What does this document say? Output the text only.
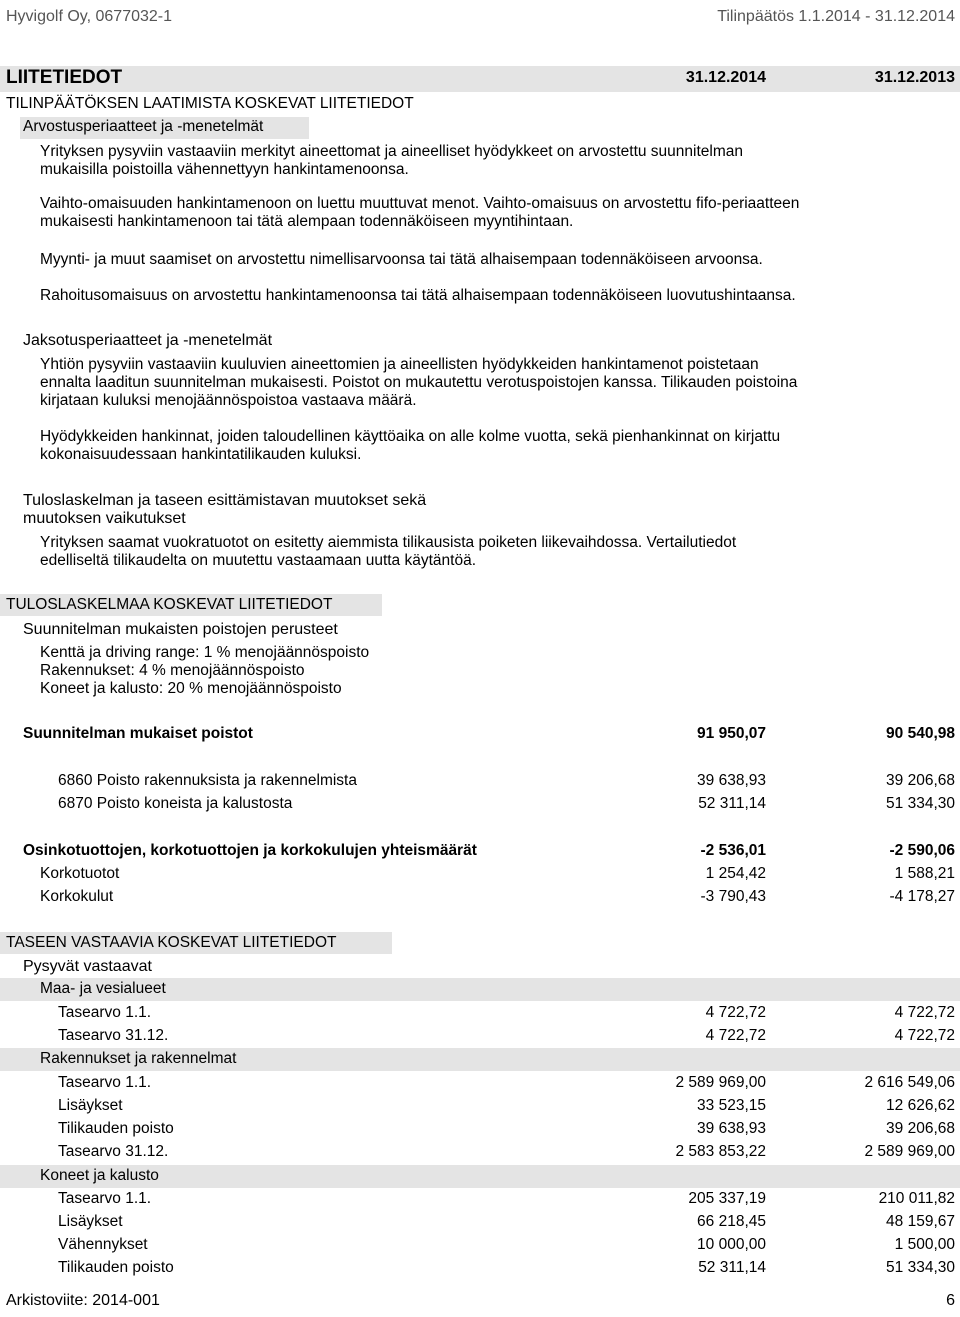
Hyvigolf Oy, 0677032-1	Tilinpäätös 1.1.2014 - 31.12.2014
LIITETIEDOT	31.12.2014	31.12.2013
TILINPÄÄTÖKSEN LAATIMISTA KOSKEVAT LIITETIEDOT
Arvostusperiaatteet ja -menetelmät
Yrityksen pysyviin vastaaviin merkityt aineettomat ja aineelliset hyödykkeet on arvostettu suunnitelman
mukaisilla poistoilla vähennettyyn hankintamenoonsa.
Vaihto-omaisuuden hankintamenoon on luettu muuttuvat menot. Vaihto-omaisuus on arvostettu fifo-periaatteen
mukaisesti hankintamenoon tai tätä alempaan todennäköiseen myyntihintaan.
Myynti- ja muut saamiset on arvostettu nimellisarvoonsa tai tätä alhaisempaan todennäköiseen arvoonsa.
Rahoitusomaisuus on arvostettu hankintamenoonsa tai tätä alhaisempaan todennäköiseen luovutushintaansa.
Jaksotusperiaatteet ja -menetelmät
Yhtiön pysyviin vastaaviin kuuluvien aineettomien ja aineellisten hyödykkeiden hankintamenot poistetaan
ennalta laaditun suunnitelman mukaisesti. Poistot on mukautettu verotuspoistojen kanssa. Tilikauden poistoina
kirjataan kuluksi menojäännöspoistoa vastaava määrä.
Hyödykkeiden hankinnat, joiden taloudellinen käyttöaika on alle kolme vuotta, sekä pienhankinnat on kirjattu
kokonaisuudessaan hankintatilikauden kuluksi.
Tuloslaskelman ja taseen esittämistavan muutokset sekä
muutoksen vaikutukset
Yrityksen saamat vuokratuotot on esitetty aiemmista tilikausista poiketen liikevaihdossa. Vertailutiedot
edelliseltä tilikaudelta on muutettu vastaamaan uutta käytäntöä.
TULOSLASKELMAA KOSKEVAT LIITETIEDOT
Suunnitelman mukaisten poistojen perusteet
Kenttä ja driving range: 1 % menojäännöspoisto
Rakennukset: 4 % menojäännöspoisto
Koneet ja kalusto: 20 % menojäännöspoisto
Suunnitelman mukaiset poistot	91 950,07	90 540,98
6860 Poisto rakennuksista ja rakennelmista	39 638,93	39 206,68
6870 Poisto koneista ja kalustosta	52 311,14	51 334,30
Osinkotuottojen, korkotuottojen ja korkokulujen yhteismäärät	-2 536,01	-2 590,06
Korkotuotot	1 254,42	1 588,21
Korkokulut	-3 790,43	-4 178,27
TASEEN VASTAAVIA KOSKEVAT LIITETIEDOT
Pysyvät vastaavat
Maa- ja vesialueet
Tasearvo 1.1.	4 722,72	4 722,72
Tasearvo 31.12.	4 722,72	4 722,72
Rakennukset ja rakennelmat
Tasearvo 1.1.	2 589 969,00	2 616 549,06
Lisäykset	33 523,15	12 626,62
Tilikauden poisto	39 638,93	39 206,68
Tasearvo 31.12.	2 583 853,22	2 589 969,00
Koneet ja kalusto
Tasearvo 1.1.	205 337,19	210 011,82
Lisäykset	66 218,45	48 159,67
Vähennykset	10 000,00	1 500,00
Tilikauden poisto	52 311,14	51 334,30
Arkistoviite: 2014-001	6
